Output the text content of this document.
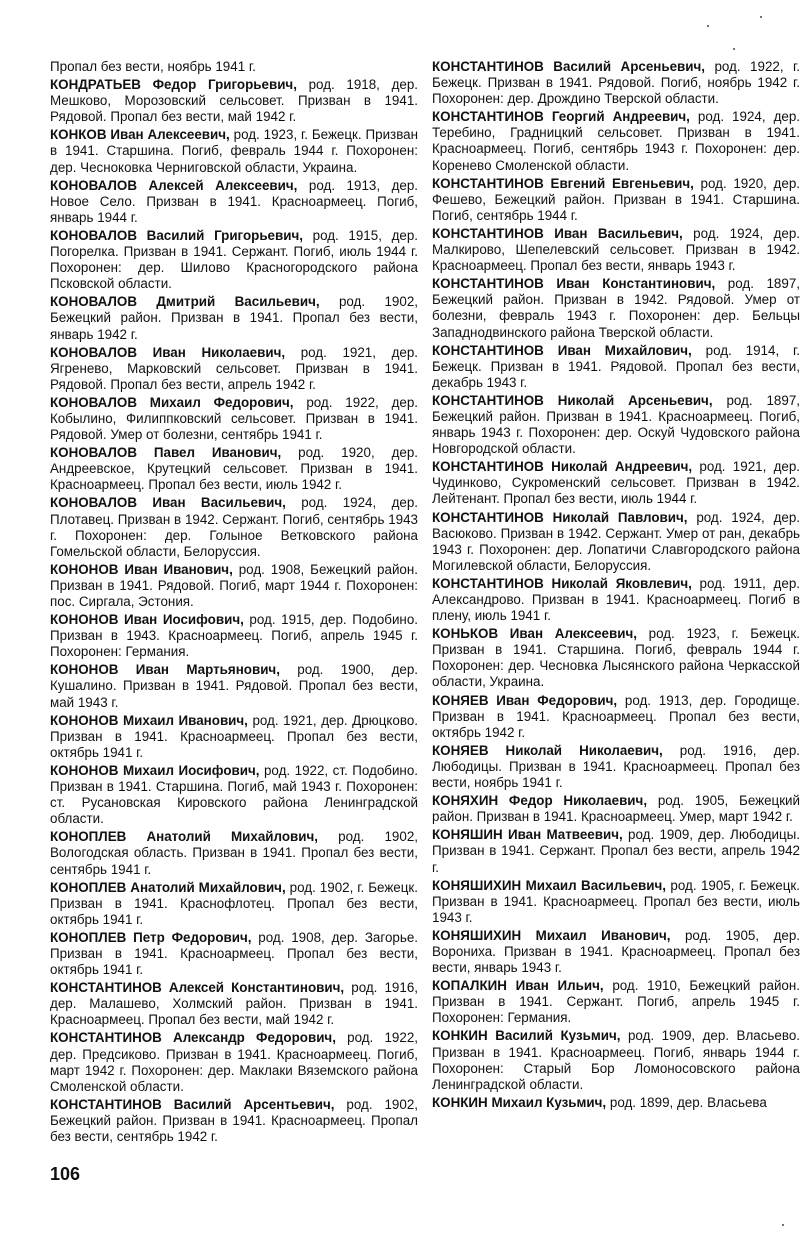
Пропал без вести, ноябрь 1941 г.

КОНДРАТЬЕВ Федор Григорьевич, род. 1918, дер. Мешково, Морозовский сельсовет. Призван в 1941. Рядовой. Пропал без вести, май 1942 г.

КОНКОВ Иван Алексеевич, род. 1923, г. Бежецк. Призван в 1941. Старшина. Погиб, февраль 1944 г. Похоронен: дер. Чесноковка Черниговской области, Украина.

КОНОВАЛОВ Алексей Алексеевич, род. 1913, дер. Новое Село. Призван в 1941. Красноармеец. Погиб, январь 1944 г.

КОНОВАЛОВ Василий Григорьевич, род. 1915, дер. Погорелка. Призван в 1941. Сержант. Погиб, июль 1944 г. Похоронен: дер. Шилово Красногородского района Псковской области.

КОНОВАЛОВ Дмитрий Васильевич, род. 1902, Бежецкий район. Призван в 1941. Пропал без вести, январь 1942 г.

КОНОВАЛОВ Иван Николаевич, род. 1921, дер. Ягренево, Марковский сельсовет. Призван в 1941. Рядовой. Пропал без вести, апрель 1942 г.

КОНОВАЛОВ Михаил Федорович, род. 1922, дер. Кобылино, Филиппковский сельсовет. Призван в 1941. Рядовой. Умер от болезни, сентябрь 1941 г.

КОНОВАЛОВ Павел Иванович, род. 1920, дер. Андреевское, Крутецкий сельсовет. Призван в 1941. Красноармеец. Пропал без вести, июль 1942 г.

КОНОВАЛОВ Иван Васильевич, род. 1924, дер. Плотавец. Призван в 1942. Сержант. Погиб, сентябрь 1943 г. Похоронен: дер. Голыное Ветковского района Гомельской области, Белоруссия.

КОНОНОВ Иван Иванович, род. 1908, Бежецкий район. Призван в 1941. Рядовой. Погиб, март 1944 г. Похоронен: пос. Сиргала, Эстония.

КОНОНОВ Иван Иосифович, род. 1915, дер. Подобино. Призван в 1943. Красноармеец. Погиб, апрель 1945 г. Похоронен: Германия.

КОНОНОВ Иван Мартьянович, род. 1900, дер. Кушалино. Призван в 1941. Рядовой. Пропал без вести, май 1943 г.

КОНОНОВ Михаил Иванович, род. 1921, дер. Дрюцково. Призван в 1941. Красноармеец. Пропал без вести, октябрь 1941 г.

КОНОНОВ Михаил Иосифович, род. 1922, ст. Подобино. Призван в 1941. Старшина. Погиб, май 1943 г. Похоронен: ст. Русановская Кировского района Ленинградской области.

КОНОПЛЕВ Анатолий Михайлович, род. 1902, Вологодская область. Призван в 1941. Пропал без вести, сентябрь 1941 г.

КОНОПЛЕВ Анатолий Михайлович, род. 1902, г. Бежецк. Призван в 1941. Краснофлотец. Пропал без вести, октябрь 1941 г.

КОНОПЛЕВ Петр Федорович, род. 1908, дер. Загорье. Призван в 1941. Красноармеец. Пропал без вести, октябрь 1941 г.

КОНСТАНТИНОВ Алексей Константинович, род. 1916, дер. Малашево, Холмский район. Призван в 1941. Красноармеец. Пропал без вести, май 1942 г.

КОНСТАНТИНОВ Александр Федорович, род. 1922, дер. Предсиково. Призван в 1941. Красноармеец. Погиб, март 1942 г. Похоронен: дер. Маклаки Вяземского района Смоленской области.

КОНСТАНТИНОВ Василий Арсентьевич, род. 1902, Бежецкий район. Призван в 1941. Красноармеец. Пропал без вести, сентябрь 1942 г.

КОНСТАНТИНОВ Василий Арсеньевич, род. 1922, г. Бежецк. Призван в 1941. Рядовой. Погиб, ноябрь 1942 г. Похоронен: дер. Дрождино Тверской области.

КОНСТАНТИНОВ Георгий Андреевич, род. 1924, дер. Теребино, Градницкий сельсовет. Призван в 1941. Красноармеец. Погиб, сентябрь 1943 г. Похоронен: дер. Кореневo Смоленской области.

КОНСТАНТИНОВ Евгений Евгеньевич, род. 1920, дер. Фешево, Бежецкий район. Призван в 1941. Старшина. Погиб, сентябрь 1944 г.

КОНСТАНТИНОВ Иван Васильевич, род. 1924, дер. Малкирово, Шепелевский сельсовет. Призван в 1942. Красноармеец. Пропал без вести, январь 1943 г.

КОНСТАНТИНОВ Иван Константинович, род. 1897, Бежецкий район. Призван в 1942. Рядовой. Умер от болезни, февраль 1943 г. Похоронен: дер. Бельцы Западнодвинского района Тверской области.

КОНСТАНТИНОВ Иван Михайлович, род. 1914, г. Бежецк. Призван в 1941. Рядовой. Пропал без вести, декабрь 1943 г.

КОНСТАНТИНОВ Николай Арсеньевич, род. 1897, Бежецкий район. Призван в 1941. Красноармеец. Погиб, январь 1943 г. Похоронен: дер. Оскуй Чудовского района Новгородской области.

КОНСТАНТИНОВ Николай Андреевич, род. 1921, дер. Чудинково, Сукроменский сельсовет. Призван в 1942. Лейтенант. Пропал без вести, июль 1944 г.

КОНСТАНТИНОВ Николай Павлович, род. 1924, дер. Васюково. Призван в 1942. Сержант. Умер от ран, декабрь 1943 г. Похоронен: дер. Лопатичи Славгородского района Могилевской области, Белоруссия.

КОНСТАНТИНОВ Николай Яковлевич, род. 1911, дер. Александрово. Призван в 1941. Красноармеец. Погиб в плену, июль 1941 г.

КОНЬКОВ Иван Алексеевич, род. 1923, г. Бежецк. Призван в 1941. Старшина. Погиб, февраль 1944 г. Похоронен: дер. Чесновка Лысянского района Черкасской области, Украина.

КОНЯЕВ Иван Федорович, род. 1913, дер. Городище. Призван в 1941. Красноармеец. Пропал без вести, октябрь 1942 г.

КОНЯЕВ Николай Николаевич, род. 1916, дер. Любодицы. Призван в 1941. Красноармеец. Пропал без вести, ноябрь 1941 г.

КОНЯХИН Федор Николаевич, род. 1905, Бежецкий район. Призван в 1941. Красноармеец. Умер, март 1942 г.

КОНЯШИН Иван Матвеевич, род. 1909, дер. Любодицы. Призван в 1941. Сержант. Пропал без вести, апрель 1942 г.

КОНЯШИХИН Михаил Васильевич, род. 1905, г. Бежецк. Призван в 1941. Красноармеец. Пропал без вести, июль 1943 г.

КОНЯШИХИН Михаил Иванович, род. 1905, дер. Ворониха. Призван в 1941. Красноармеец. Пропал без вести, январь 1943 г.

КОПАЛКИН Иван Ильич, род. 1910, Бежецкий район. Призван в 1941. Сержант. Погиб, апрель 1945 г. Похоронен: Германия.

КОНКИН Василий Кузьмич, род. 1909, дер. Власьево. Призван в 1941. Красноармеец. Погиб, январь 1944 г. Похоронен: Старый Бор Ломоносовского района Ленинградской области.

КОНКИН Михаил Кузьмич, род. 1899, дер. Власьева

106
